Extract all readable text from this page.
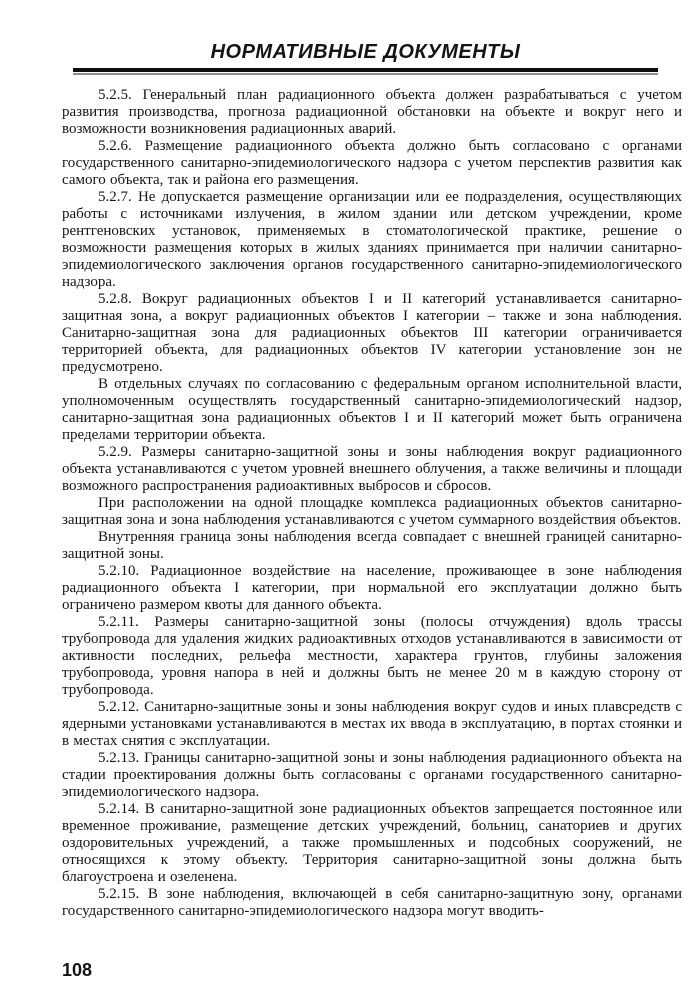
НОРМАТИВНЫЕ ДОКУМЕНТЫ

5.2.5. Генеральный план радиационного объекта должен разрабатываться с учетом развития производства, прогноза радиационной обстановки на объекте и вокруг него и возможности возникновения радиационных аварий.

5.2.6. Размещение радиационного объекта должно быть согласовано с органами государственного санитарно-эпидемиологического надзора с учетом перспектив развития как самого объекта, так и района его размещения.

5.2.7. Не допускается размещение организации или ее подразделения, осуществляющих работы с источниками излучения, в жилом здании или детском учреждении, кроме рентгеновских установок, применяемых в стоматологической практике, решение о возможности размещения которых в жилых зданиях принимается при наличии санитарно-эпидемиологического заключения органов государственного санитарно-эпидемиологического надзора.

5.2.8. Вокруг радиационных объектов I и II категорий устанавливается санитарно-защитная зона, а вокруг радиационных объектов I категории – также и зона наблюдения. Санитарно-защитная зона для радиационных объектов III категории ограничивается территорией объекта, для радиационных объектов IV категории установление зон не предусмотрено.

В отдельных случаях по согласованию с федеральным органом исполнительной власти, уполномоченным осуществлять государственный санитарно-эпидемиологический надзор, санитарно-защитная зона радиационных объектов I и II категорий может быть ограничена пределами территории объекта.

5.2.9. Размеры санитарно-защитной зоны и зоны наблюдения вокруг радиационного объекта устанавливаются с учетом уровней внешнего облучения, а также величины и площади возможного распространения радиоактивных выбросов и сбросов.

При расположении на одной площадке комплекса радиационных объектов санитарно-защитная зона и зона наблюдения устанавливаются с учетом суммарного воздействия объектов.

Внутренняя граница зоны наблюдения всегда совпадает с внешней границей санитарно-защитной зоны.

5.2.10. Радиационное воздействие на население, проживающее в зоне наблюдения радиационного объекта I категории, при нормальной его эксплуатации должно быть ограничено размером квоты для данного объекта.

5.2.11. Размеры санитарно-защитной зоны (полосы отчуждения) вдоль трассы трубопровода для удаления жидких радиоактивных отходов устанавливаются в зависимости от активности последних, рельефа местности, характера грунтов, глубины заложения трубопровода, уровня напора в ней и должны быть не менее 20 м в каждую сторону от трубопровода.

5.2.12. Санитарно-защитные зоны и зоны наблюдения вокруг судов и иных плавсредств с ядерными установками устанавливаются в местах их ввода в эксплуатацию, в портах стоянки и в местах снятия с эксплуатации.

5.2.13. Границы санитарно-защитной зоны и зоны наблюдения радиационного объекта на стадии проектирования должны быть согласованы с органами государственного санитарно-эпидемиологического надзора.

5.2.14. В санитарно-защитной зоне радиационных объектов запрещается постоянное или временное проживание, размещение детских учреждений, больниц, санаториев и других оздоровительных учреждений, а также промышленных и подсобных сооружений, не относящихся к этому объекту. Территория санитарно-защитной зоны должна быть благоустроена и озеленена.

5.2.15. В зоне наблюдения, включающей в себя санитарно-защитную зону, органами государственного санитарно-эпидемиологического надзора могут вводить-

108
